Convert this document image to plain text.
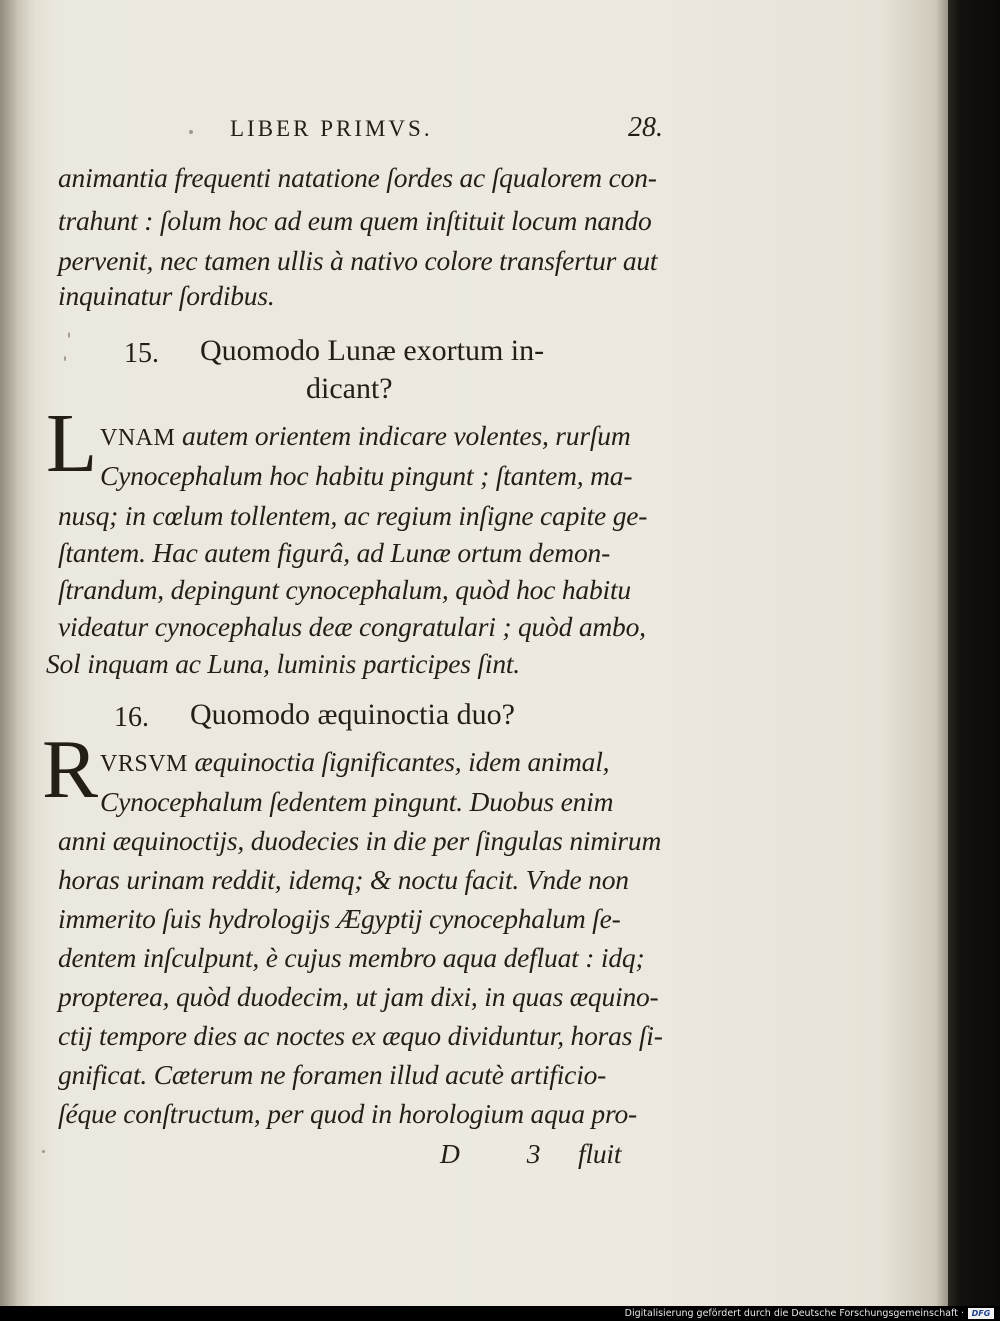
LIBER PRIMVS.	28.
animantia frequenti natatione ſordes ac ſqualorem con-
trahunt : ſolum hoc ad eum quem inſtituit locum nando
pervenit, nec tamen ullis à nativo colore transfertur aut
inquinatur ſordibus.
15. Quomodo Lunæ exortum in-
dicant?
L VNAM autem orientem indicare volentes, rurſum
Cynocephalum hoc habitu pingunt ; ſtantem, ma-
nusq; in cœlum tollentem, ac regium inſigne capite ge-
ſtantem. Hac autem figurâ, ad Lunæ ortum demon-
ſtrandum, depingunt cynocephalum, quòd hoc habitu
videatur cynocephalus deæ congratulari ; quòd ambo,
Sol inquam ac Luna, luminis participes ſint.
16. Quomodo æquinoctia duo?
R VRSVM æquinoctia ſignificantes, idem animal,
Cynocephalum ſedentem pingunt. Duobus enim
anni æquinoctijs, duodecies in die per ſingulas nimirum
horas urinam reddit, idemq; & noctu facit. Vnde non
immerito ſuis hydrologijs Ægyptij cynocephalum ſe-
dentem inſculpunt, è cujus membro aqua defluat : idq;
propterea, quòd duodecim, ut jam dixi, in quas æquino-
ctij tempore dies ac noctes ex æquo dividuntur, horas ſi-
gnificat. Cæterum ne foramen illud acutè artificio-
ſéque conſtructum, per quod in horologium aqua pro-
D 3 fluit
Digitalisierung gefördert durch die Deutsche Forschungsgemeinschaft · DFG
